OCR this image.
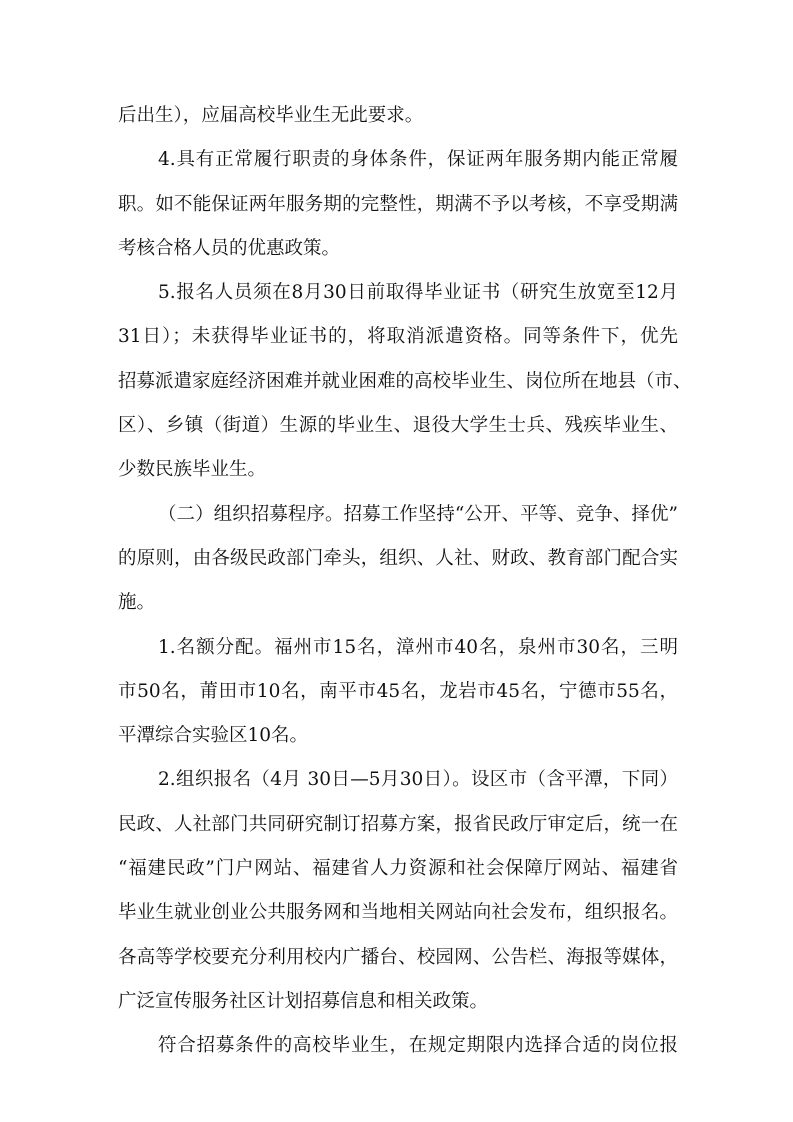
后出生），应届高校毕业生无此要求。
4.具有正常履行职责的身体条件，保证两年服务期内能正常履
职。如不能保证两年服务期的完整性，期满不予以考核，不享受期满
考核合格人员的优惠政策。
5.报名人员须在8月30日前取得毕业证书（研究生放宽至12月
31日）；未获得毕业证书的，将取消派遣资格。同等条件下，优先
招募派遣家庭经济困难并就业困难的高校毕业生、岗位所在地县（市、
区）、乡镇（街道）生源的毕业生、退役大学生士兵、残疾毕业生、
少数民族毕业生。
（二）组织招募程序。招募工作坚持“公开、平等、竞争、择优”
的原则，由各级民政部门牵头，组织、人社、财政、教育部门配合实
施。
1.名额分配。福州市15名，漳州市40名，泉州市30名，三明
市50名，莆田市10名，南平市45名，龙岩市45名，宁德市55名，
平潭综合实验区10名。
2.组织报名（4月 30日—5月30日）。设区市（含平潭，下同）
民政、人社部门共同研究制订招募方案，报省民政厅审定后，统一在
“福建民政”门户网站、福建省人力资源和社会保障厅网站、福建省
毕业生就业创业公共服务网和当地相关网站向社会发布，组织报名。
各高等学校要充分利用校内广播台、校园网、公告栏、海报等媒体，
广泛宣传服务社区计划招募信息和相关政策。
符合招募条件的高校毕业生，在规定期限内选择合适的岗位报
